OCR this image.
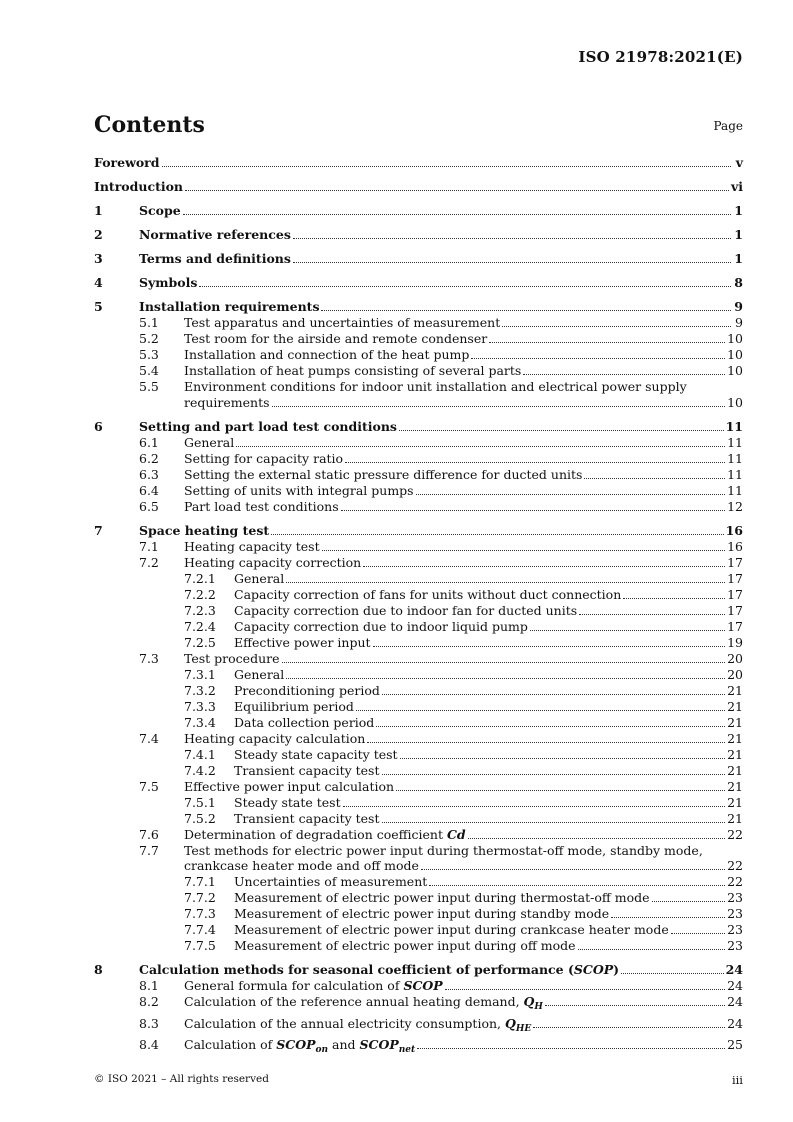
ISO 21978:2021(E)
Contents	Page
Foreword	v
Introduction	vi
1	Scope	1
2	Normative references	1
3	Terms and definitions	1
4	Symbols	8
5	Installation requirements	9
5.1	Test apparatus and uncertainties of measurement	9
5.2	Test room for the airside and remote condenser	10
5.3	Installation and connection of the heat pump	10
5.4	Installation of heat pumps consisting of several parts	10
5.5	Environment conditions for indoor unit installation and electrical power supply
requirements	10
6	Setting and part load test conditions	11
6.1	General	11
6.2	Setting for capacity ratio	11
6.3	Setting the external static pressure difference for ducted units	11
6.4	Setting of units with integral pumps	11
6.5	Part load test conditions	12
7	Space heating test	16
7.1	Heating capacity test	16
7.2	Heating capacity correction	17
7.2.1	General	17
7.2.2	Capacity correction of fans for units without duct connection	17
7.2.3	Capacity correction due to indoor fan for ducted units	17
7.2.4	Capacity correction due to indoor liquid pump	17
7.2.5	Effective power input	19
7.3	Test procedure	20
7.3.1	General	20
7.3.2	Preconditioning period	21
7.3.3	Equilibrium period	21
7.3.4	Data collection period	21
7.4	Heating capacity calculation	21
7.4.1	Steady state capacity test	21
7.4.2	Transient capacity test	21
7.5	Effective power input calculation	21
7.5.1	Steady state test	21
7.5.2	Transient capacity test	21
7.6	Determination of degradation coefficient Cd	22
7.7	Test methods for electric power input during thermostat-off mode, standby mode,
crankcase heater mode and off mode	22
7.7.1	Uncertainties of measurement	22
7.7.2	Measurement of electric power input during thermostat-off mode	23
7.7.3	Measurement of electric power input during standby mode	23
7.7.4	Measurement of electric power input during crankcase heater mode	23
7.7.5	Measurement of electric power input during off mode	23
8	Calculation methods for seasonal coefficient of performance (SCOP)	24
8.1	General formula for calculation of SCOP	24
8.2	Calculation of the reference annual heating demand, $Q_H$	24
8.3	Calculation of the annual electricity consumption, $Q_{HE}$	24
8.4	Calculation of $SCOP_{on}$ and $SCOP_{net}$	25
© ISO 2021 – All rights reserved	iii
